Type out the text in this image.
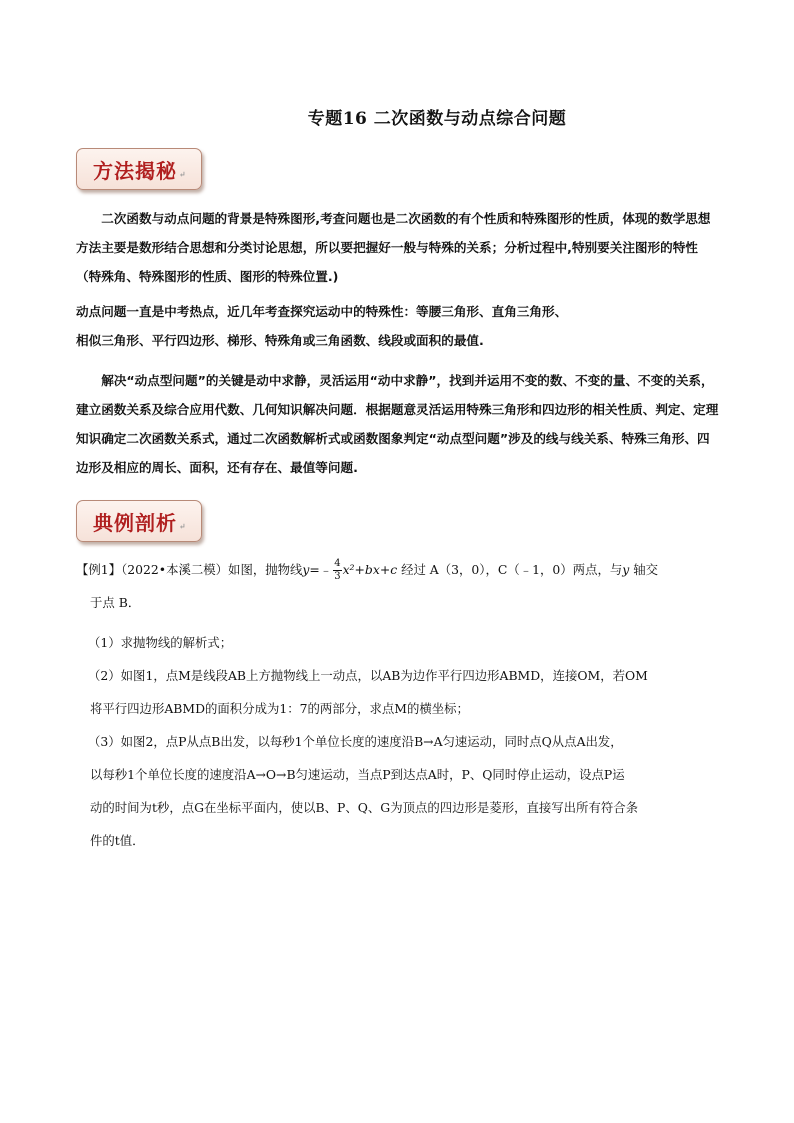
专题16 二次函数与动点综合问题
方法揭秘 ↵

二次函数与动点问题的背景是特殊图形,考查问题也是二次函数的有个性质和特殊图形的性质，体现的数学思想方法主要是数形结合思想和分类讨论思想，所以要把握好一般与特殊的关系；分析过程中,特别要关注图形的特性（特殊角、特殊图形的性质、图形的特殊位置.)

动点问题一直是中考热点，近几年考查探究运动中的特殊性：等腰三角形、直角三角形、
相似三角形、平行四边形、梯形、特殊角或三角函数、线段或面积的最值.

解决“动点型问题”的关键是动中求静，灵活运用“动中求静”，找到并运用不变的数、不变的量、不变的关系，建立函数关系及综合应用代数、几何知识解决问题．根据题意灵活运用特殊三角形和四边形的相关性质、判定、定理知识确定二次函数关系式，通过二次函数解析式或函数图象判定“动点型问题”涉及的线与线关系、特殊三角形、四边形及相应的周长、面积，还有存在、最值等问题.

典例剖析 ↵
【例1】（2022•本溪二模）如图，抛物线y=﹣ $\frac{4}{3} x^2+bx+c$ 经过 A（3，0），C（﹣1，0）两点，与y 轴交
于点 B．
（1）求抛物线的解析式；
（2）如图1，点M是线段AB上方抛物线上一动点，以AB为边作平行四边形ABMD，连接OM，若OM
将平行四边形ABMD的面积分成为1：7的两部分，求点M的横坐标；
（3）如图2，点P从点B出发，以每秒1个单位长度的速度沿B→A匀速运动，同时点Q从点A出发，
以每秒1个单位长度的速度沿A→O→B匀速运动，当点P到达点A时，P、Q同时停止运动，设点P运
动的时间为t秒，点G在坐标平面内，使以B、P、Q、G为顶点的四边形是菱形，直接写出所有符合条
件的t值．
